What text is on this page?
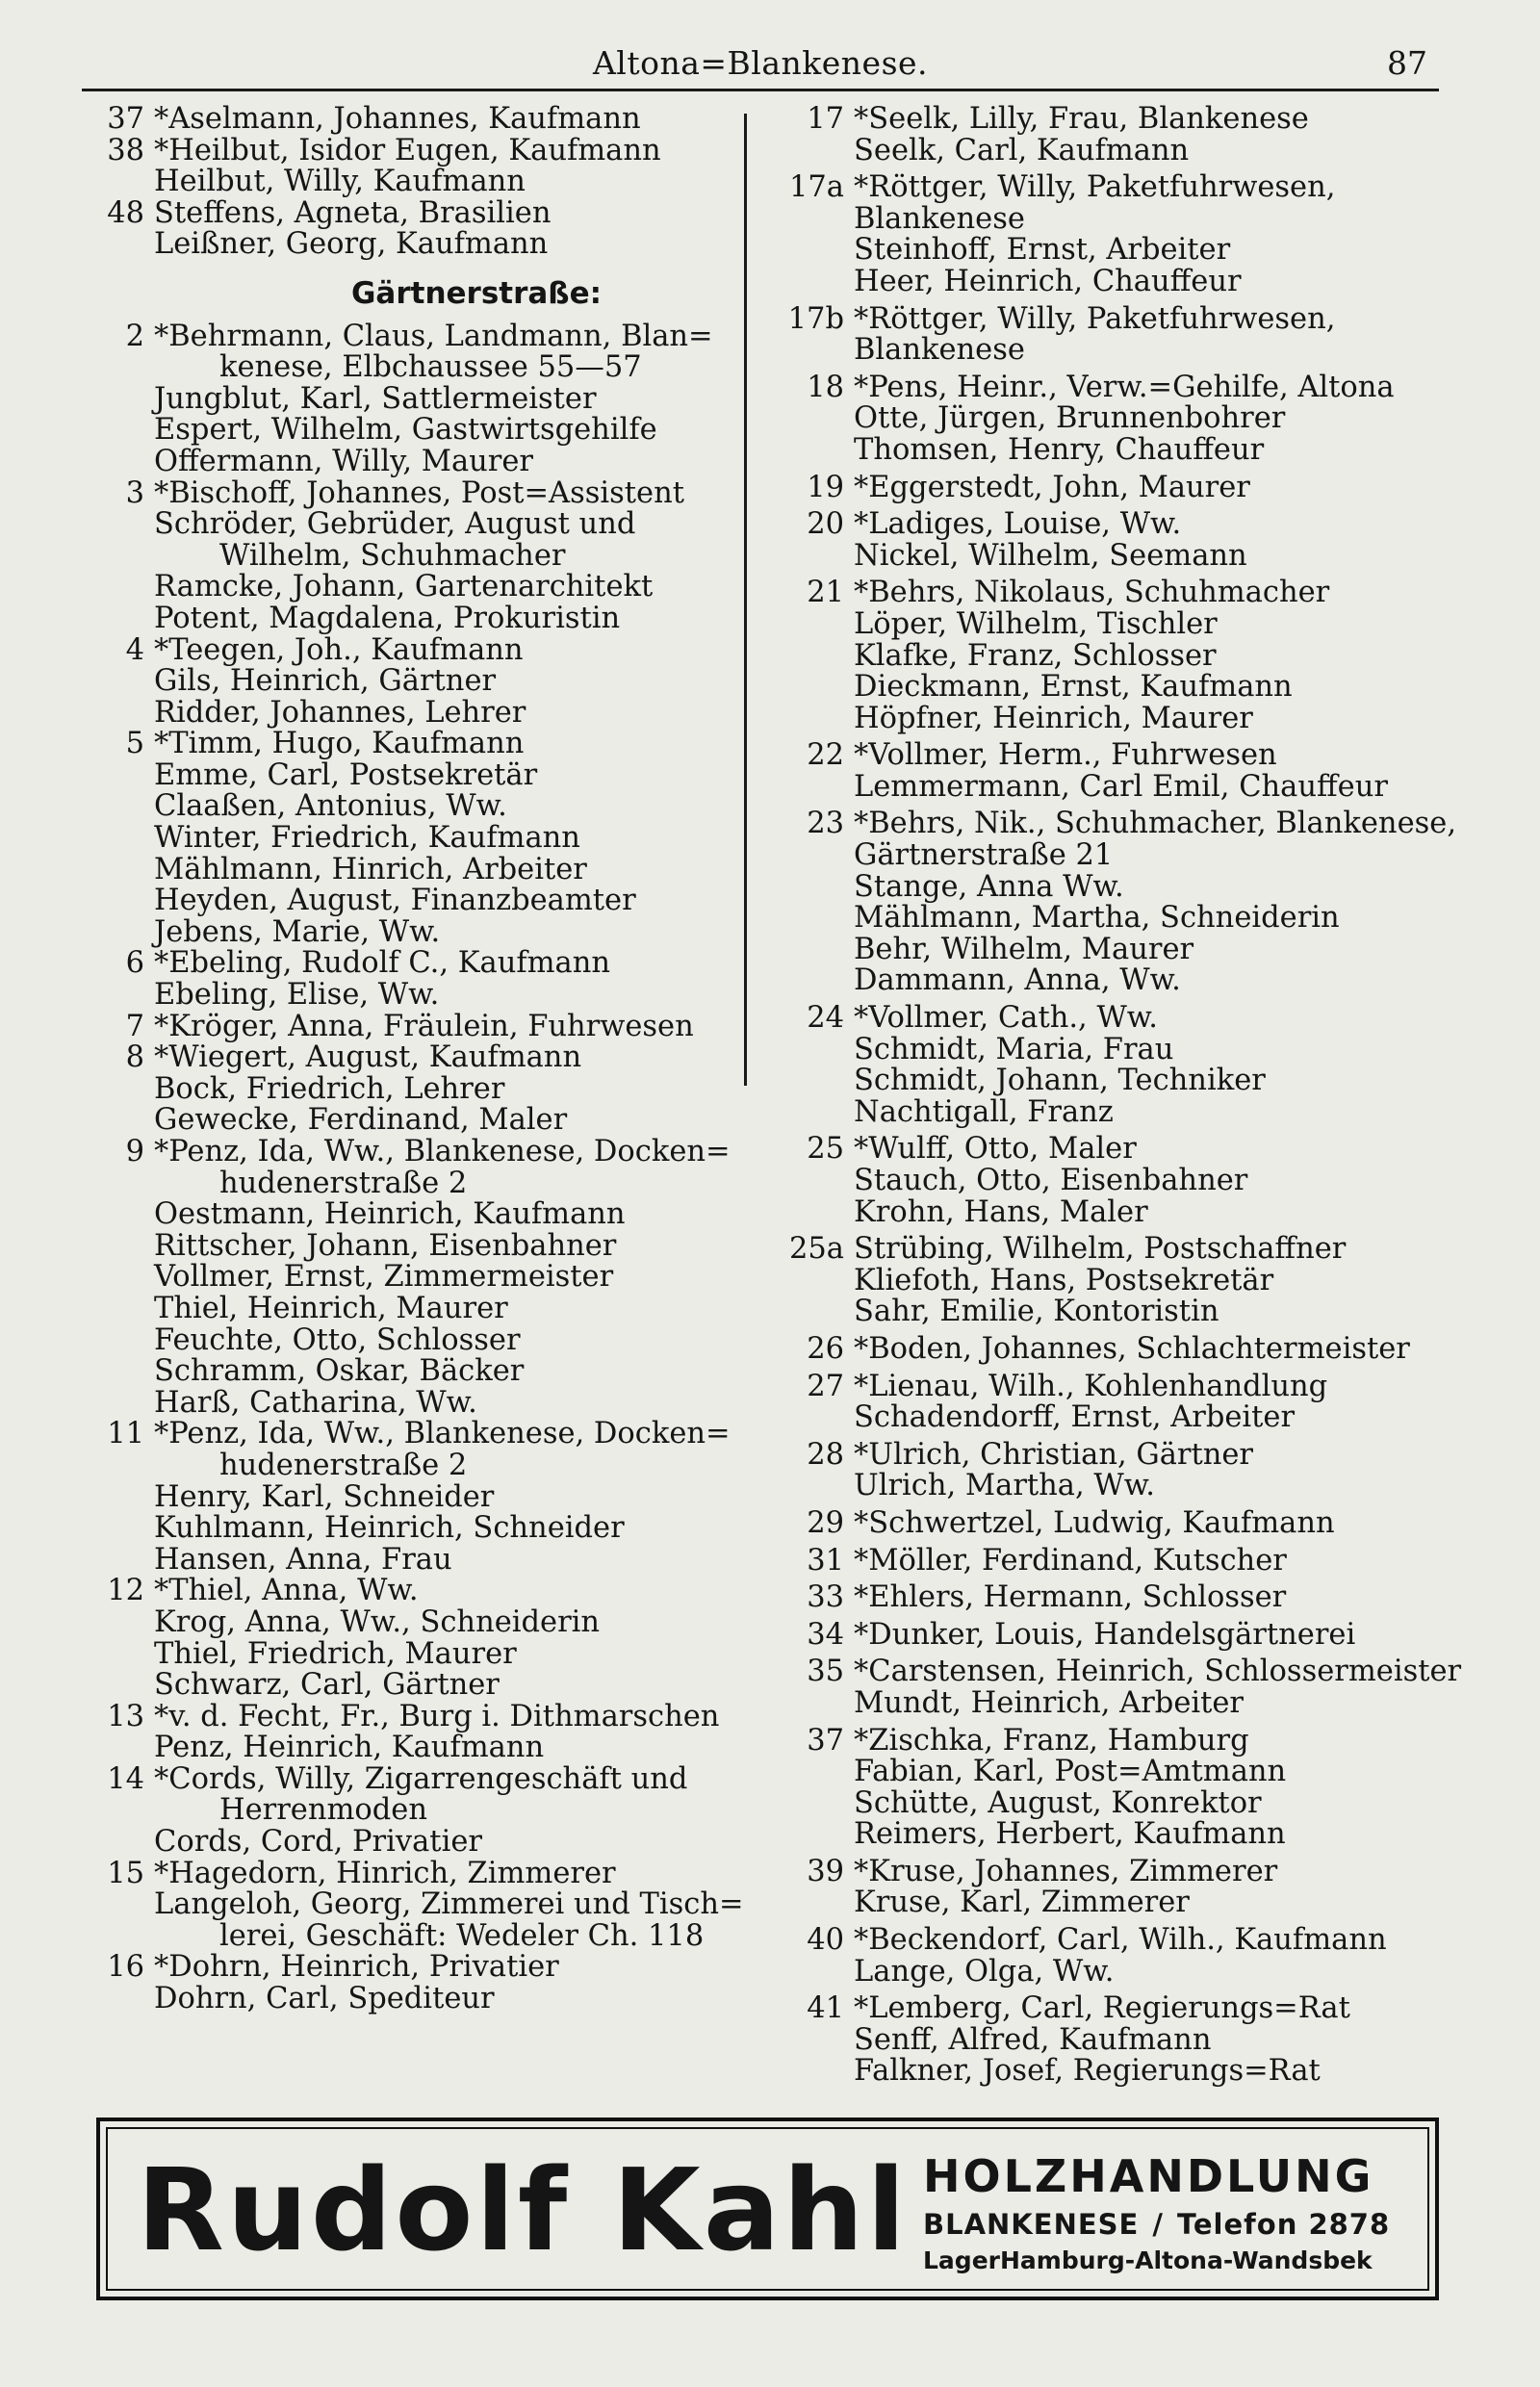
Altona=Blankenese.	87
37 *Aselmann, Johannes, Kaufmann
38 *Heilbut, Isidor Eugen, Kaufmann
Heilbut, Willy, Kaufmann
48 Steffens, Agneta, Brasilien
Leißner, Georg, Kaufmann
Gärtnerstraße:
2 *Behrmann, Claus, Landmann, Blan=
kenese, Elbchaussee 55—57
Jungblut, Karl, Sattlermeister
Espert, Wilhelm, Gastwirtsgehilfe
Offermann, Willy, Maurer
3 *Bischoff, Johannes, Post=Assistent
Schröder, Gebrüder, August und
Wilhelm, Schuhmacher
Ramcke, Johann, Gartenarchitekt
Potent, Magdalena, Prokuristin
4 *Teegen, Joh., Kaufmann
Gils, Heinrich, Gärtner
Ridder, Johannes, Lehrer
5 *Timm, Hugo, Kaufmann
Emme, Carl, Postsekretär
Claaßen, Antonius, Ww.
Winter, Friedrich, Kaufmann
Mählmann, Hinrich, Arbeiter
Heyden, August, Finanzbeamter
Jebens, Marie, Ww.
6 *Ebeling, Rudolf C., Kaufmann
Ebeling, Elise, Ww.
7 *Kröger, Anna, Fräulein, Fuhrwesen
8 *Wiegert, August, Kaufmann
Bock, Friedrich, Lehrer
Gewecke, Ferdinand, Maler
9 *Penz, Ida, Ww., Blankenese, Docken=
hudenerstraße 2
Oestmann, Heinrich, Kaufmann
Rittscher, Johann, Eisenbahner
Vollmer, Ernst, Zimmermeister
Thiel, Heinrich, Maurer
Feuchte, Otto, Schlosser
Schramm, Oskar, Bäcker
Harß, Catharina, Ww.
11 *Penz, Ida, Ww., Blankenese, Docken=
hudenerstraße 2
Henry, Karl, Schneider
Kuhlmann, Heinrich, Schneider
Hansen, Anna, Frau
12 *Thiel, Anna, Ww.
Krog, Anna, Ww., Schneiderin
Thiel, Friedrich, Maurer
Schwarz, Carl, Gärtner
13 *v. d. Fecht, Fr., Burg i. Dithmarschen
Penz, Heinrich, Kaufmann
14 *Cords, Willy, Zigarrengeschäft und
Herrenmoden
Cords, Cord, Privatier
15 *Hagedorn, Hinrich, Zimmerer
Langeloh, Georg, Zimmerei und Tisch=
lerei, Geschäft: Wedeler Ch. 118
16 *Dohrn, Heinrich, Privatier
Dohrn, Carl, Spediteur
17 *Seelk, Lilly, Frau, Blankenese
Seelk, Carl, Kaufmann
17a *Röttger, Willy, Paketfuhrwesen,
Blankenese
Steinhoff, Ernst, Arbeiter
Heer, Heinrich, Chauffeur
17b *Röttger, Willy, Paketfuhrwesen,
Blankenese
18 *Pens, Heinr., Verw.=Gehilfe, Altona
Otte, Jürgen, Brunnenbohrer
Thomsen, Henry, Chauffeur
19 *Eggerstedt, John, Maurer
20 *Ladiges, Louise, Ww.
Nickel, Wilhelm, Seemann
21 *Behrs, Nikolaus, Schuhmacher
Löper, Wilhelm, Tischler
Klafke, Franz, Schlosser
Dieckmann, Ernst, Kaufmann
Höpfner, Heinrich, Maurer
22 *Vollmer, Herm., Fuhrwesen
Lemmermann, Carl Emil, Chauffeur
23 *Behrs, Nik., Schuhmacher, Blankenese,
Gärtnerstraße 21
Stange, Anna Ww.
Mählmann, Martha, Schneiderin
Behr, Wilhelm, Maurer
Dammann, Anna, Ww.
24 *Vollmer, Cath., Ww.
Schmidt, Maria, Frau
Schmidt, Johann, Techniker
Nachtigall, Franz
25 *Wulff, Otto, Maler
Stauch, Otto, Eisenbahner
Krohn, Hans, Maler
25a Strübing, Wilhelm, Postschaffner
Kliefoth, Hans, Postsekretär
Sahr, Emilie, Kontoristin
26 *Boden, Johannes, Schlachtermeister
27 *Lienau, Wilh., Kohlenhandlung
Schadendorff, Ernst, Arbeiter
28 *Ulrich, Christian, Gärtner
Ulrich, Martha, Ww.
29 *Schwertzel, Ludwig, Kaufmann
31 *Möller, Ferdinand, Kutscher
33 *Ehlers, Hermann, Schlosser
34 *Dunker, Louis, Handelsgärtnerei
35 *Carstensen, Heinrich, Schlossermeister
Mundt, Heinrich, Arbeiter
37 *Zischka, Franz, Hamburg
Fabian, Karl, Post=Amtmann
Schütte, August, Konrektor
Reimers, Herbert, Kaufmann
39 *Kruse, Johannes, Zimmerer
Kruse, Karl, Zimmerer
40 *Beckendorf, Carl, Wilh., Kaufmann
Lange, Olga, Ww.
41 *Lemberg, Carl, Regierungs=Rat
Senff, Alfred, Kaufmann
Falkner, Josef, Regierungs=Rat
Rudolf Kahl HOLZHANDLUNG
BLANKENESE / Telefon 2878
LagerHamburg-Altona-Wandsbek
